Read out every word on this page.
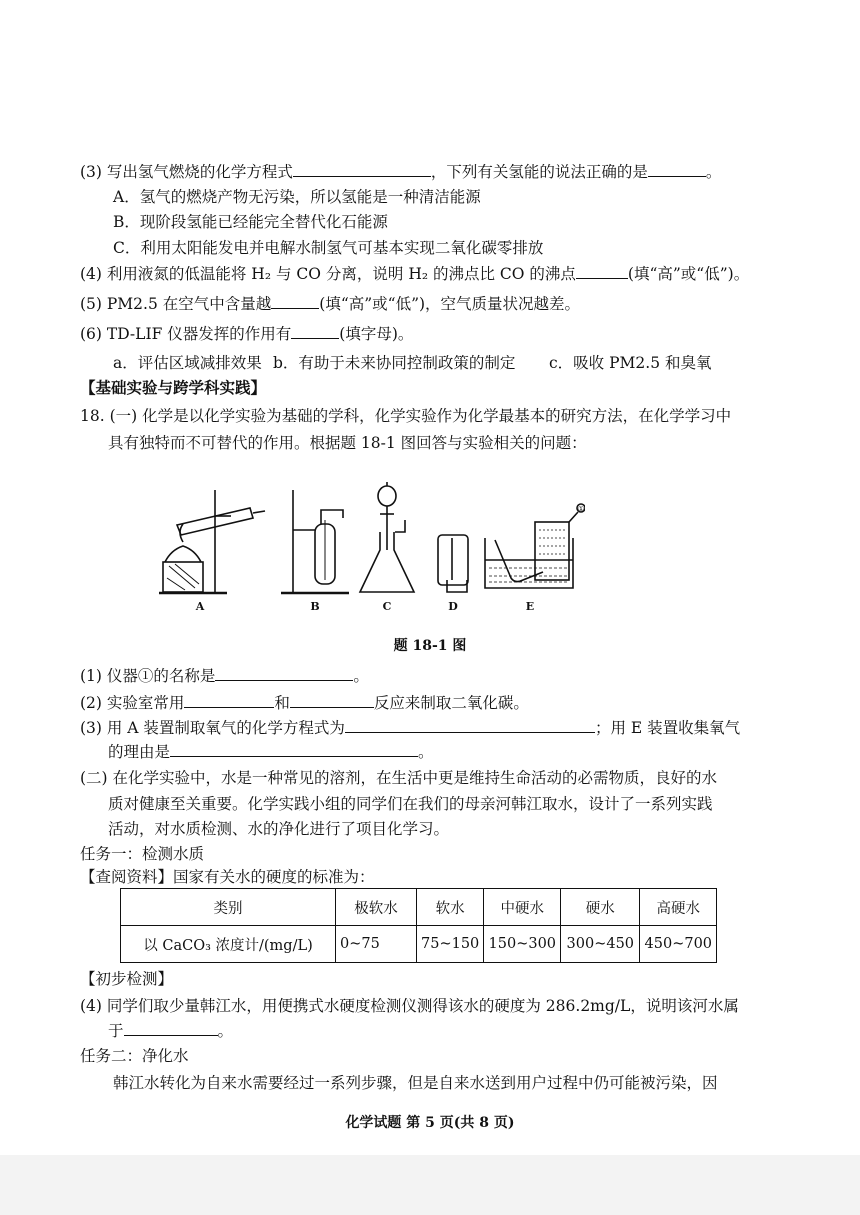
(3) 写出氢气燃烧的化学方程式	，下列有关氢能的说法正确的是	。
A．氢气的燃烧产物无污染，所以氢能是一种清洁能源
B．现阶段氢能已经能完全替代化石能源
C．利用太阳能发电并电解水制氢气可基本实现二氧化碳零排放
(4) 利用液氮的低温能将 H₂ 与 CO 分离，说明 H₂ 的沸点比 CO 的沸点	(填“高”或“低”)。
(5) PM2.5 在空气中含量越	(填“高”或“低”)，空气质量状况越差。
(6) TD-LIF 仪器发挥的作用有	(填字母)。
a．评估区域减排效果 b．有助于未来协同控制政策的制定 c．吸收 PM2.5 和臭氧
【基础实验与跨学科实践】
18. (一) 化学是以化学实验为基础的学科，化学实验作为化学最基本的研究方法，在化学学习中
具有独特而不可替代的作用。根据题 18-1 图回答与实验相关的问题：
A	B	C	D	E
①
题 18-1 图
(1) 仪器①的名称是	。
(2) 实验室常用	和	反应来制取二氧化碳。
(3) 用 A 装置制取氧气的化学方程式为	；用 E 装置收集氧气
的理由是	。
(二) 在化学实验中，水是一种常见的溶剂，在生活中更是维持生命活动的必需物质，良好的水
质对健康至关重要。化学实践小组的同学们在我们的母亲河韩江取水，设计了一系列实践
活动，对水质检测、水的净化进行了项目化学习。
任务一：检测水质
【查阅资料】国家有关水的硬度的标准为：
类别	极软水	软水	中硬水	硬水	高硬水
以 CaCO₃ 浓度计/(mg/L)	0~75	75~150	150~300	300~450	450~700
【初步检测】
(4) 同学们取少量韩江水，用便携式水硬度检测仪测得该水的硬度为 286.2mg/L，说明该河水属
于	。
任务二：净化水
韩江水转化为自来水需要经过一系列步骤，但是自来水送到用户过程中仍可能被污染，因
化学试题 第 5 页(共 8 页)
